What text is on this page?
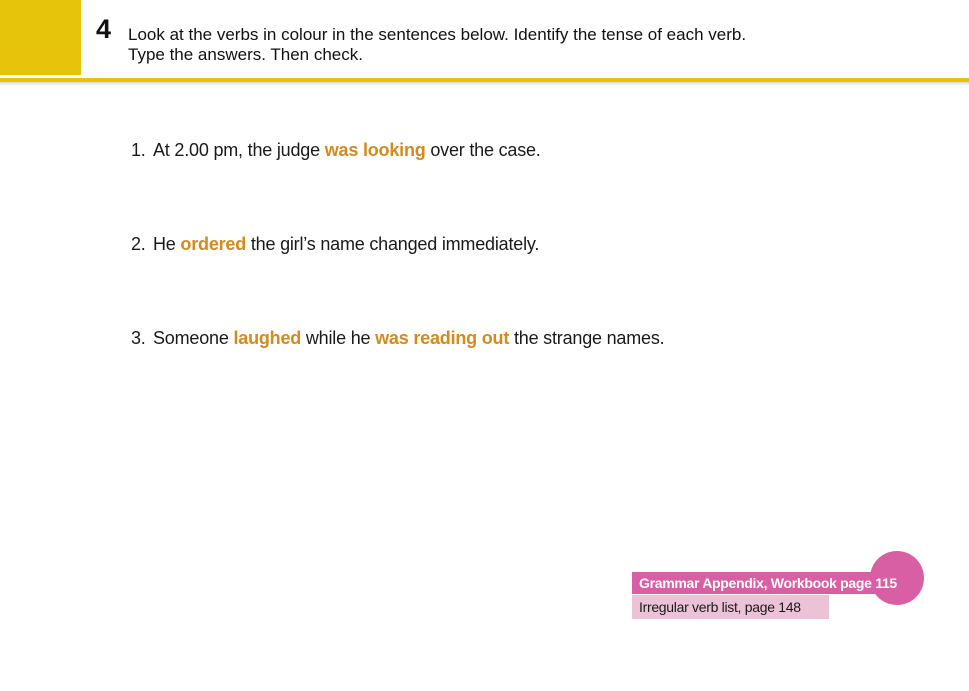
4 Look at the verbs in colour in the sentences below. Identify the tense of each verb.
Type the answers. Then check.
1. At 2.00 pm, the judge was looking over the case.
2. He ordered the girl’s name changed immediately.
3. Someone laughed while he was reading out the strange names.
Grammar Appendix, Workbook page 115
Irregular verb list, page 148
